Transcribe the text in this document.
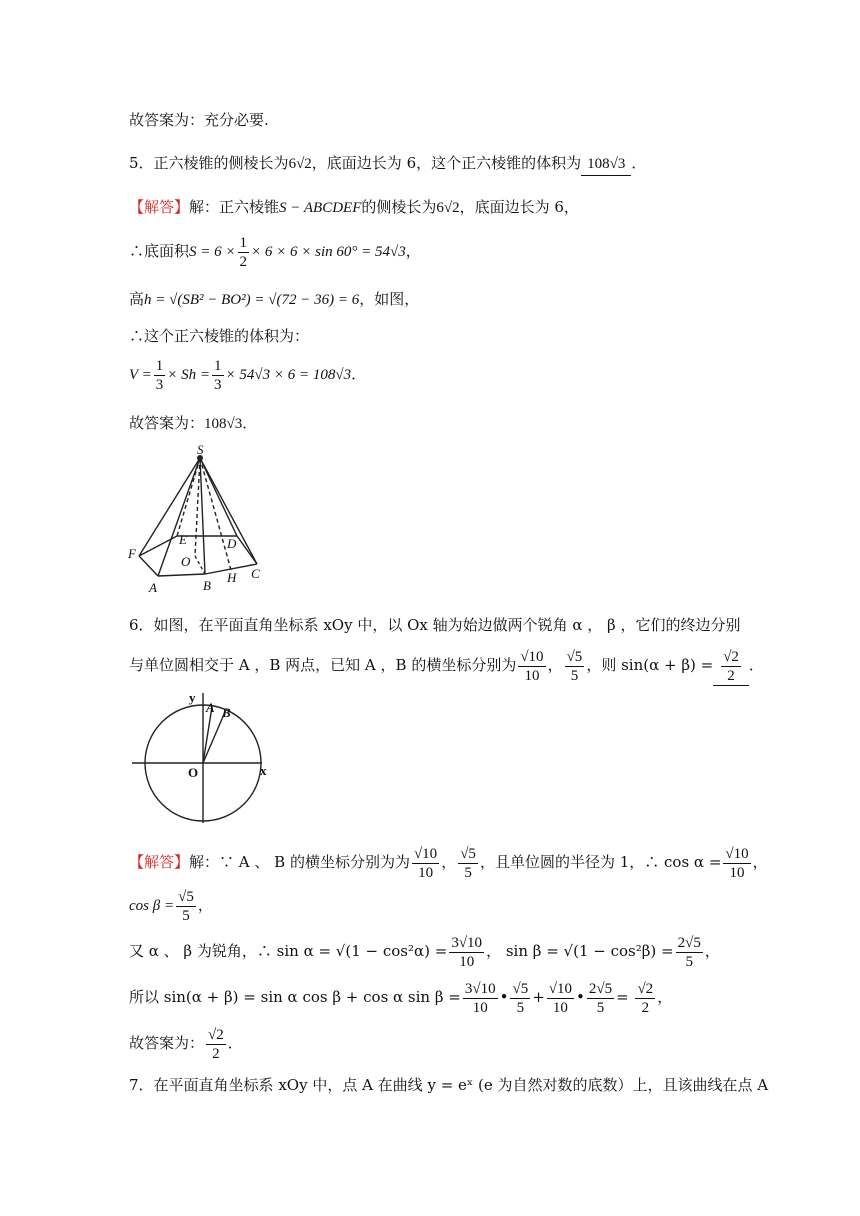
故答案为：充分必要.
5．正六棱锥的侧棱长为6√2，底面边长为 6，这个正六棱锥的体积为 108√3 ．
【解答】解：正六棱锥S − ABCDEF的侧棱长为6√2，底面边长为 6，
∴底面积$S = 6 \times \frac{1}{2} \times 6 \times 6 \times \sin 60^\circ = 54√3$，
高h = √(SB² − BO²) = √(72 − 36) = 6，如图，
∴这个正六棱锥的体积为：
$V = \frac{1}{3} \times Sh = \frac{1}{3} \times 54√3 \times 6 = 108√3$．
故答案为：108√3．
S
E	D
F
O
A	B
H C
6．如图，在平面直角坐标系 xOy 中，以 Ox 轴为始边做两个锐角 α ， β ，它们的终边分别
与单位圆相交于 A ，B 两点，已知 A ，B 的横坐标分别为 $\frac{√10}{10}$ ， $\frac{√5}{5}$ ，则 $\sin(\alpha + \beta) = \frac{√2}{2}$ ．
y
x
O
A B
【解答】解：∵ A 、 B 的横坐标分别为为 $\frac{√10}{10}$ ， $\frac{√5}{5}$ ，且单位圆的半径为 1，∴ $\cos \alpha = \frac{√10}{10}$ ，
$\cos \beta = \frac{√5}{5}$ ，
又 α 、 β 为锐角，∴ $\sin \alpha = √(1 - \cos^2\alpha) = \frac{3√10}{10}$ ， $\sin \beta = √(1 - \cos^2\beta) = \frac{2√5}{5}$ ，
所以 sin(α + β) = sin α cos β + cos α $\sin \beta = \frac{3√10}{10}$ • $\frac{√5}{5} + \frac{√10}{10}$ • $\frac{2√5}{5} = \frac{√2}{2}$ ，
故答案为： $\frac{√2}{2}$ ．
7．在平面直角坐标系 xOy 中，点 A 在曲线 y = eˣ (e 为自然对数的底数）上，且该曲线在点 A
